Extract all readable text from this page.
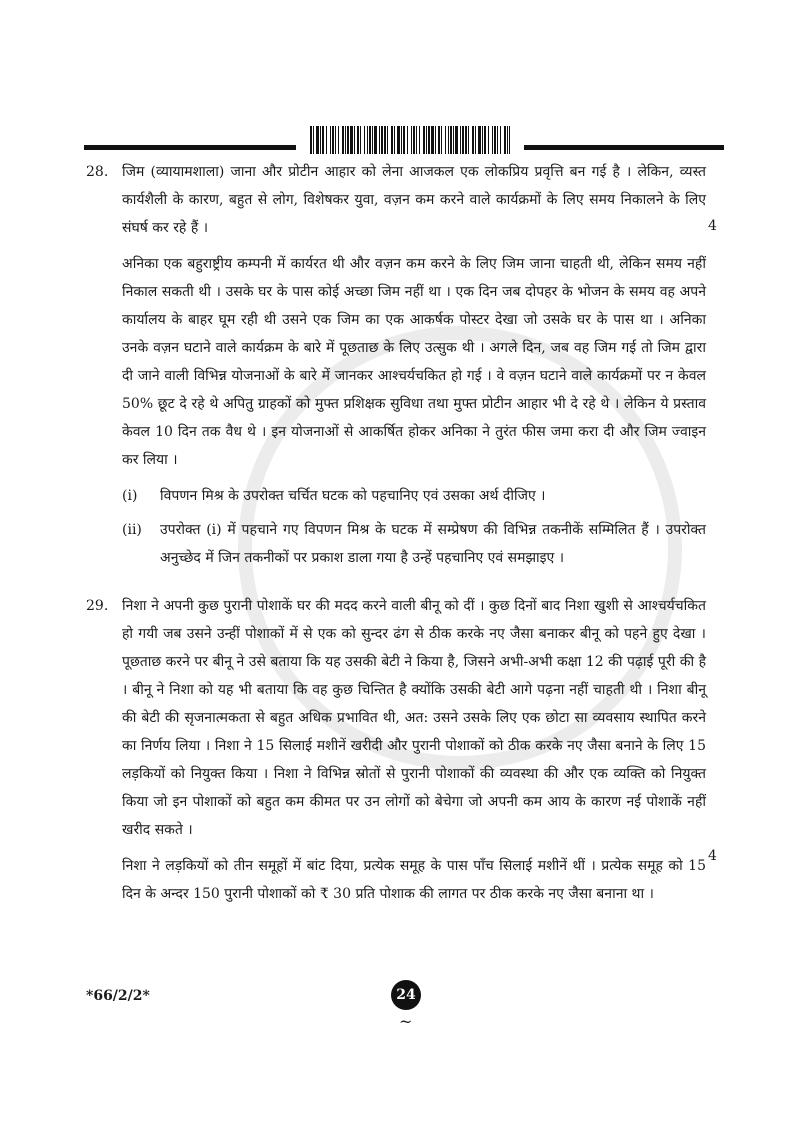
28. जिम (व्यायामशाला) जाना और प्रोटीन आहार को लेना आजकल एक लोकप्रिय प्रवृत्ति बन गई है । लेकिन, व्यस्त कार्यशैली के कारण, बहुत से लोग, विशेषकर युवा, वज़न कम करने वाले कार्यक्रमों के लिए समय निकालने के लिए संघर्ष कर रहे हैं ।

अनिका एक बहुराष्ट्रीय कम्पनी में कार्यरत थी और वज़न कम करने के लिए जिम जाना चाहती थी, लेकिन समय नहीं निकाल सकती थी । उसके घर के पास कोई अच्छा जिम नहीं था । एक दिन जब दोपहर के भोजन के समय वह अपने कार्यालय के बाहर घूम रही थी उसने एक जिम का एक आकर्षक पोस्टर देखा जो उसके घर के पास था । अनिका उनके वज़न घटाने वाले कार्यक्रम के बारे में पूछताछ के लिए उत्सुक थी । अगले दिन, जब वह जिम गई तो जिम द्वारा दी जाने वाली विभिन्न योजनाओं के बारे में जानकर आश्चर्यचकित हो गई । वे वज़न घटाने वाले कार्यक्रमों पर न केवल 50% छूट दे रहे थे अपितु ग्राहकों को मुफ्त प्रशिक्षक सुविधा तथा मुफ्त प्रोटीन आहार भी दे रहे थे । लेकिन ये प्रस्ताव केवल 10 दिन तक वैध थे । इन योजनाओं से आकर्षित होकर अनिका ने तुरंत फीस जमा करा दी और जिम ज्वाइन कर लिया ।

(i) विपणन मिश्र के उपरोक्त चर्चित घटक को पहचानिए एवं उसका अर्थ दीजिए ।
(ii) उपरोक्त (i) में पहचाने गए विपणन मिश्र के घटक में सम्प्रेषण की विभिन्न तकनीकें सम्मिलित हैं । उपरोक्त अनुच्छेद में जिन तकनीकों पर प्रकाश डाला गया है उन्हें पहचानिए एवं समझाइए ।
4
29. निशा ने अपनी कुछ पुरानी पोशाकें घर की मदद करने वाली बीनू को दीं । कुछ दिनों बाद निशा खुशी से आश्चर्यचकित हो गयी जब उसने उन्हीं पोशाकों में से एक को सुन्दर ढंग से ठीक करके नए जैसा बनाकर बीनू को पहने हुए देखा । पूछताछ करने पर बीनू ने उसे बताया कि यह उसकी बेटी ने किया है, जिसने अभी-अभी कक्षा 12 की पढ़ाई पूरी की है । बीनू ने निशा को यह भी बताया कि वह कुछ चिन्तित है क्योंकि उसकी बेटी आगे पढ़ना नहीं चाहती थी । निशा बीनू की बेटी की सृजनात्मकता से बहुत अधिक प्रभावित थी, अत: उसने उसके लिए एक छोटा सा व्यवसाय स्थापित करने का निर्णय लिया । निशा ने 15 सिलाई मशीनें खरीदी और पुरानी पोशाकों को ठीक करके नए जैसा बनाने के लिए 15 लड़कियों को नियुक्त किया । निशा ने विभिन्न स्रोतों से पुरानी पोशाकों की व्यवस्था की और एक व्यक्ति को नियुक्त किया जो इन पोशाकों को बहुत कम कीमत पर उन लोगों को बेचेगा जो अपनी कम आय के कारण नई पोशाकें नहीं खरीद सकते ।

निशा ने लड़कियों को तीन समूहों में बांट दिया, प्रत्येक समूह के पास पाँच सिलाई मशीनें थीं । प्रत्येक समूह को 15 दिन के अन्दर 150 पुरानी पोशाकों को ₹ 30 प्रति पोशाक की लागत पर ठीक करके नए जैसा बनाना था ।

4
*66/2/2*	24
~
